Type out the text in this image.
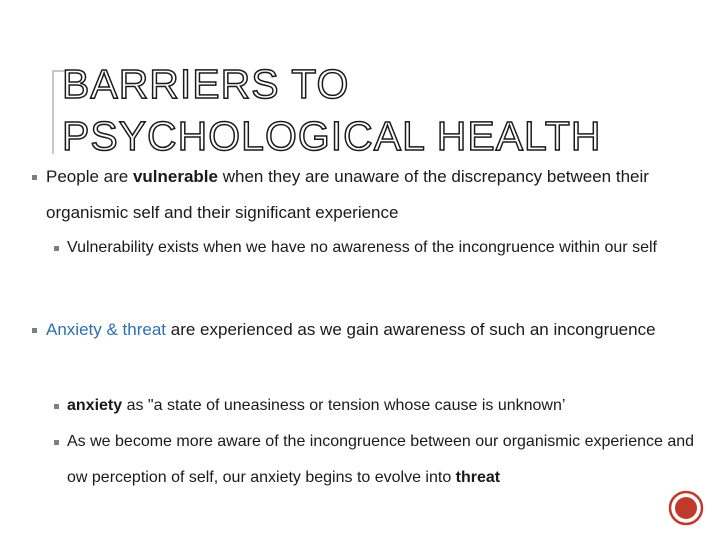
BARRIERS TO
PSYCHOLOGICAL HEALTH
People are vulnerable when they are unaware of the discrepancy between their organismic self and their significant experience
Vulnerability exists when we have no awareness of the incongruence within our self
Anxiety & threat are experienced as we gain awareness of such an incongruence
anxiety as "a state of uneasiness or tension whose cause is unknown’
As we become more aware of the incongruence between our organismic experience and ow perception of self, our anxiety begins to evolve into threat
